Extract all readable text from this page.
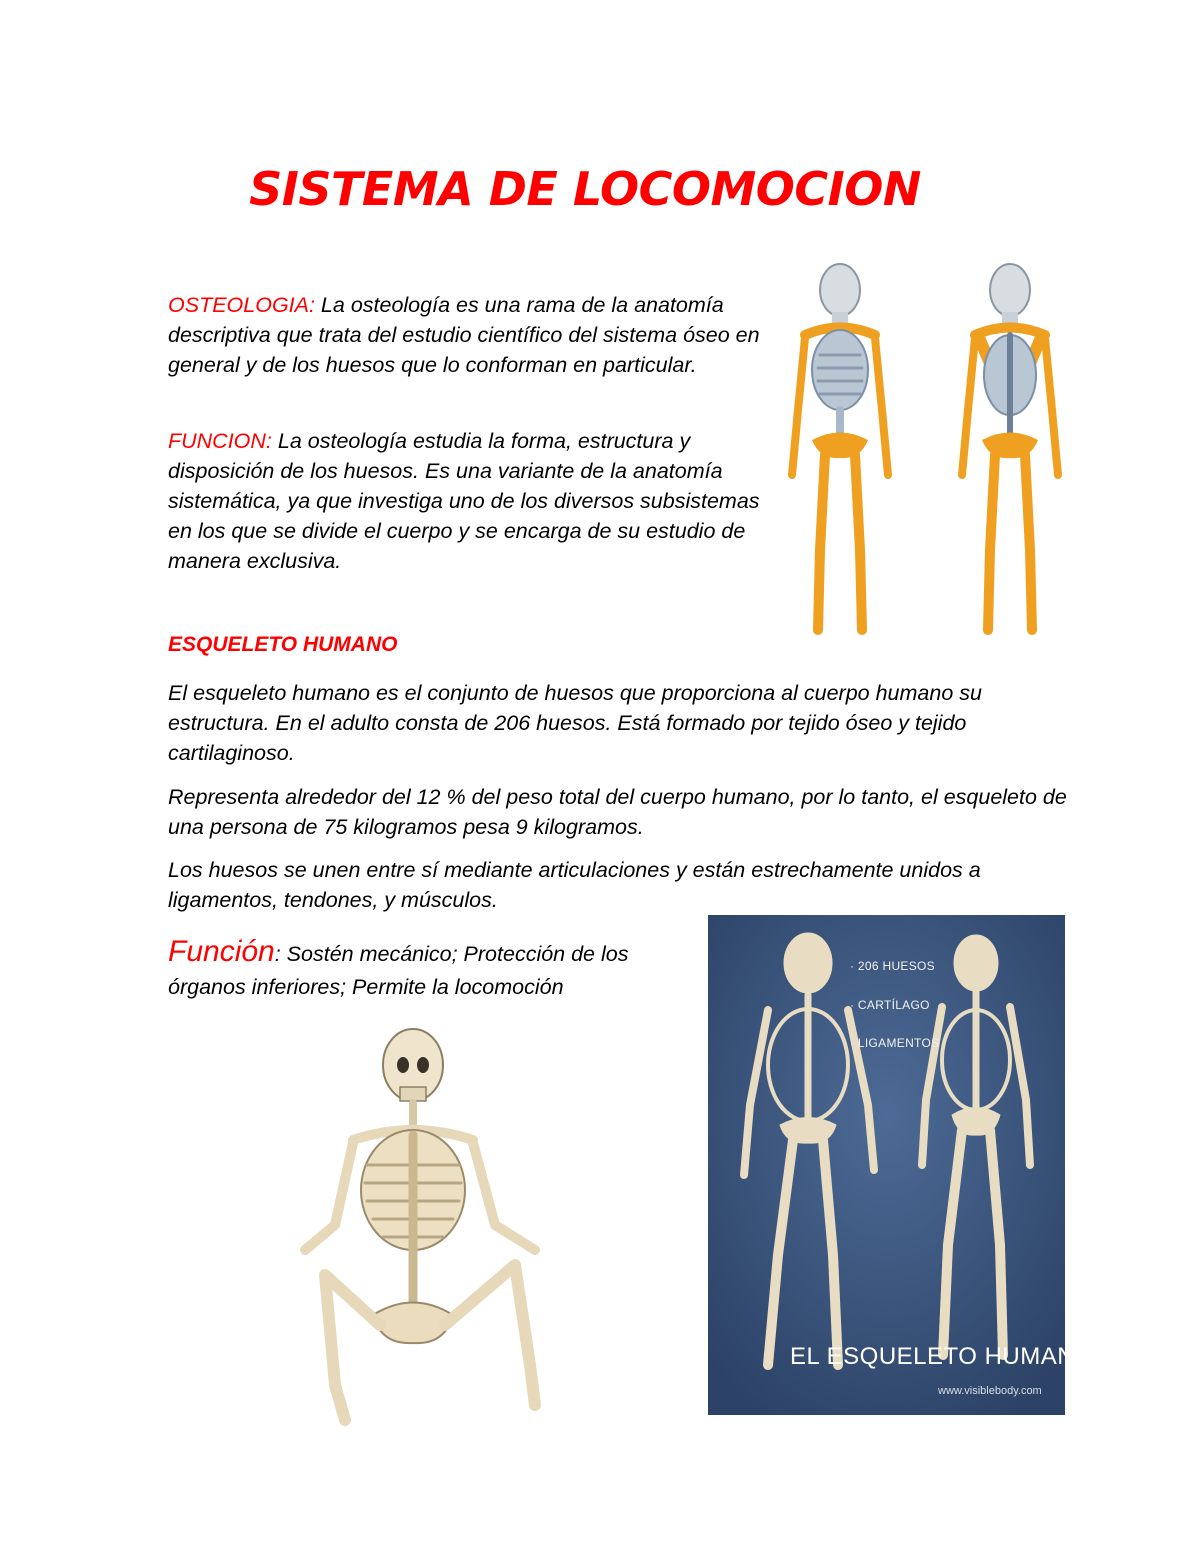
SISTEMA DE LOCOMOCION

OSTEOLOGIA: La osteología es una rama de la anatomía descriptiva que trata del estudio científico del sistema óseo en general y de los huesos que lo conforman en particular.

FUNCION: La osteología estudia la forma, estructura y disposición de los huesos. Es una variante de la anatomía sistemática, ya que investiga uno de los diversos subsistemas en los que se divide el cuerpo y se encarga de su estudio de manera exclusiva.

ESQUELETO HUMANO

El esqueleto humano es el conjunto de huesos que proporciona al cuerpo humano su estructura. En el adulto consta de 206 huesos. Está formado por tejido óseo y tejido cartilaginoso.

Representa alrededor del 12 % del peso total del cuerpo humano, por lo tanto, el esqueleto de una persona de 75 kilogramos pesa 9 kilogramos.

Los huesos se unen entre sí mediante articulaciones y están estrechamente unidos a ligamentos, tendones, y músculos.

Función: Sostén mecánico; Protección de los órganos inferiores; Permite la locomoción

· 206 HUESOS
· CARTÍLAGO
· LIGAMENTOS
EL ESQUELETO HUMANO
www.visiblebody.com
